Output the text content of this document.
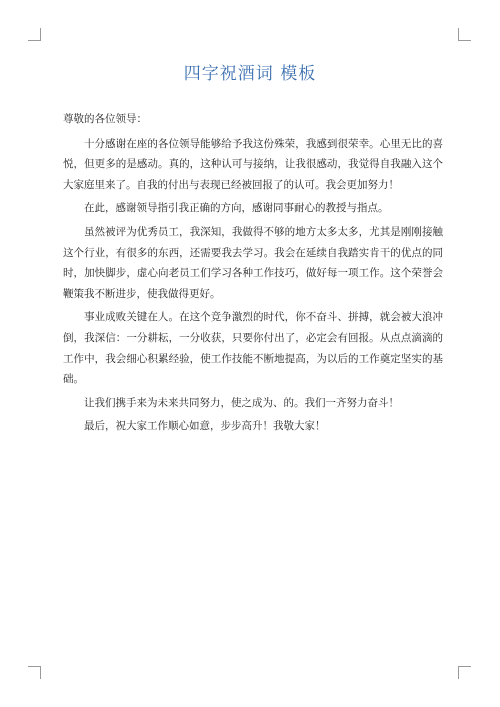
四字祝酒词 模板

尊敬的各位领导：

十分感谢在座的各位领导能够给予我这份殊荣，我感到很荣幸。心里无比的喜悦，但更多的是感动。真的，这种认可与接纳，让我很感动，我觉得自我融入这个大家庭里来了。自我的付出与表现已经被回报了的认可。我会更加努力！

在此，感谢领导指引我正确的方向，感谢同事耐心的教授与指点。

虽然被评为优秀员工，我深知，我做得不够的地方太多太多，尤其是刚刚接触这个行业，有很多的东西，还需要我去学习。我会在延续自我踏实肯干的优点的同时，加快脚步，虚心向老员工们学习各种工作技巧，做好每一项工作。这个荣誉会鞭策我不断进步，使我做得更好。

事业成败关键在人。在这个竞争激烈的时代，你不奋斗、拼搏，就会被大浪冲倒，我深信：一分耕耘，一分收获，只要你付出了，必定会有回报。从点点滴滴的工作中，我会细心积累经验，使工作技能不断地提高，为以后的工作奠定坚实的基础。

让我们携手来为未来共同努力，使之成为、的。我们一齐努力奋斗！

最后，祝大家工作顺心如意，步步高升！我敬大家！
